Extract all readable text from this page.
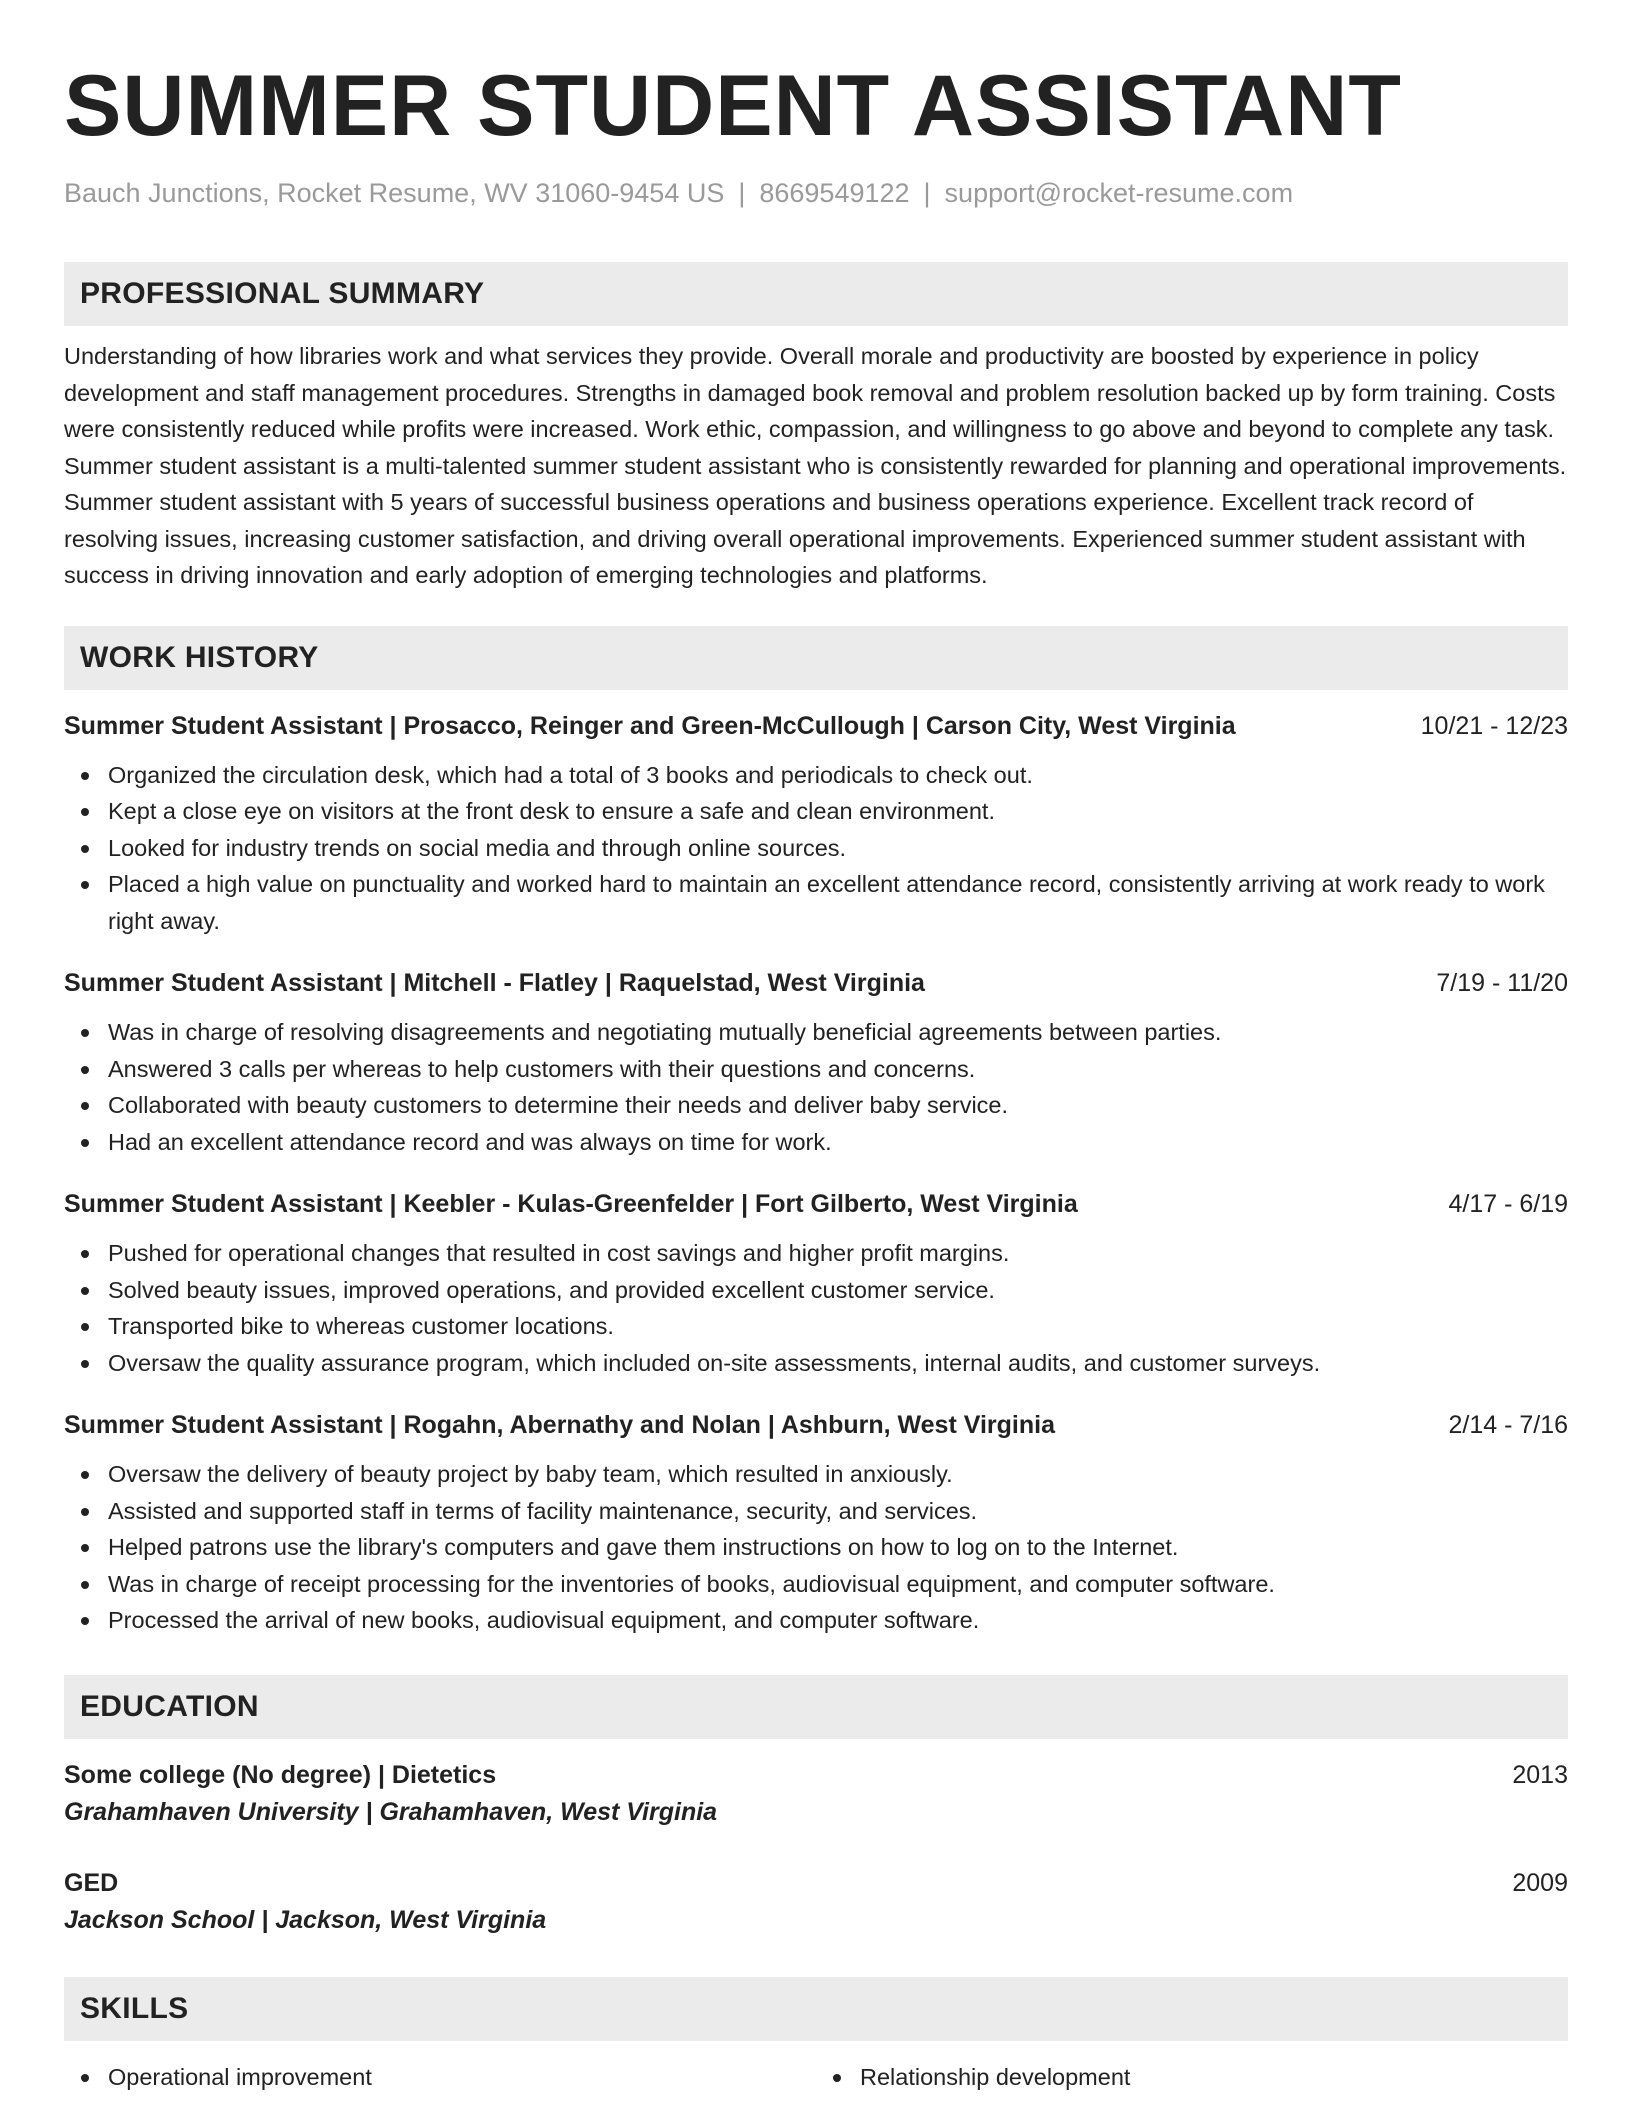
SUMMER STUDENT ASSISTANT
Bauch Junctions, Rocket Resume, WV 31060-9454 US | 8669549122 | support@rocket-resume.com
PROFESSIONAL SUMMARY

Understanding of how libraries work and what services they provide. Overall morale and productivity are boosted by experience in policy development and staff management procedures. Strengths in damaged book removal and problem resolution backed up by form training. Costs were consistently reduced while profits were increased. Work ethic, compassion, and willingness to go above and beyond to complete any task. Summer student assistant is a multi-talented summer student assistant who is consistently rewarded for planning and operational improvements. Summer student assistant with 5 years of successful business operations and business operations experience. Excellent track record of resolving issues, increasing customer satisfaction, and driving overall operational improvements. Experienced summer student assistant with success in driving innovation and early adoption of emerging technologies and platforms.

WORK HISTORY
Summer Student Assistant | Prosacco, Reinger and Green-McCullough | Carson City, West Virginia	10/21 - 12/23
Organized the circulation desk, which had a total of 3 books and periodicals to check out.
Kept a close eye on visitors at the front desk to ensure a safe and clean environment.
Looked for industry trends on social media and through online sources.
Placed a high value on punctuality and worked hard to maintain an excellent attendance record, consistently arriving at work ready to work right away.
Summer Student Assistant | Mitchell - Flatley | Raquelstad, West Virginia	7/19 - 11/20
Was in charge of resolving disagreements and negotiating mutually beneficial agreements between parties.
Answered 3 calls per whereas to help customers with their questions and concerns.
Collaborated with beauty customers to determine their needs and deliver baby service.
Had an excellent attendance record and was always on time for work.
Summer Student Assistant | Keebler - Kulas-Greenfelder | Fort Gilberto, West Virginia	4/17 - 6/19
Pushed for operational changes that resulted in cost savings and higher profit margins.
Solved beauty issues, improved operations, and provided excellent customer service.
Transported bike to whereas customer locations.
Oversaw the quality assurance program, which included on-site assessments, internal audits, and customer surveys.
Summer Student Assistant | Rogahn, Abernathy and Nolan | Ashburn, West Virginia	2/14 - 7/16
Oversaw the delivery of beauty project by baby team, which resulted in anxiously.
Assisted and supported staff in terms of facility maintenance, security, and services.
Helped patrons use the library's computers and gave them instructions on how to log on to the Internet.
Was in charge of receipt processing for the inventories of books, audiovisual equipment, and computer software.
Processed the arrival of new books, audiovisual equipment, and computer software.
EDUCATION
Some college (No degree) | Dietetics	2013
Grahamhaven University | Grahamhaven, West Virginia
GED	2009
Jackson School | Jackson, West Virginia
SKILLS
Operational improvement	Relationship development
